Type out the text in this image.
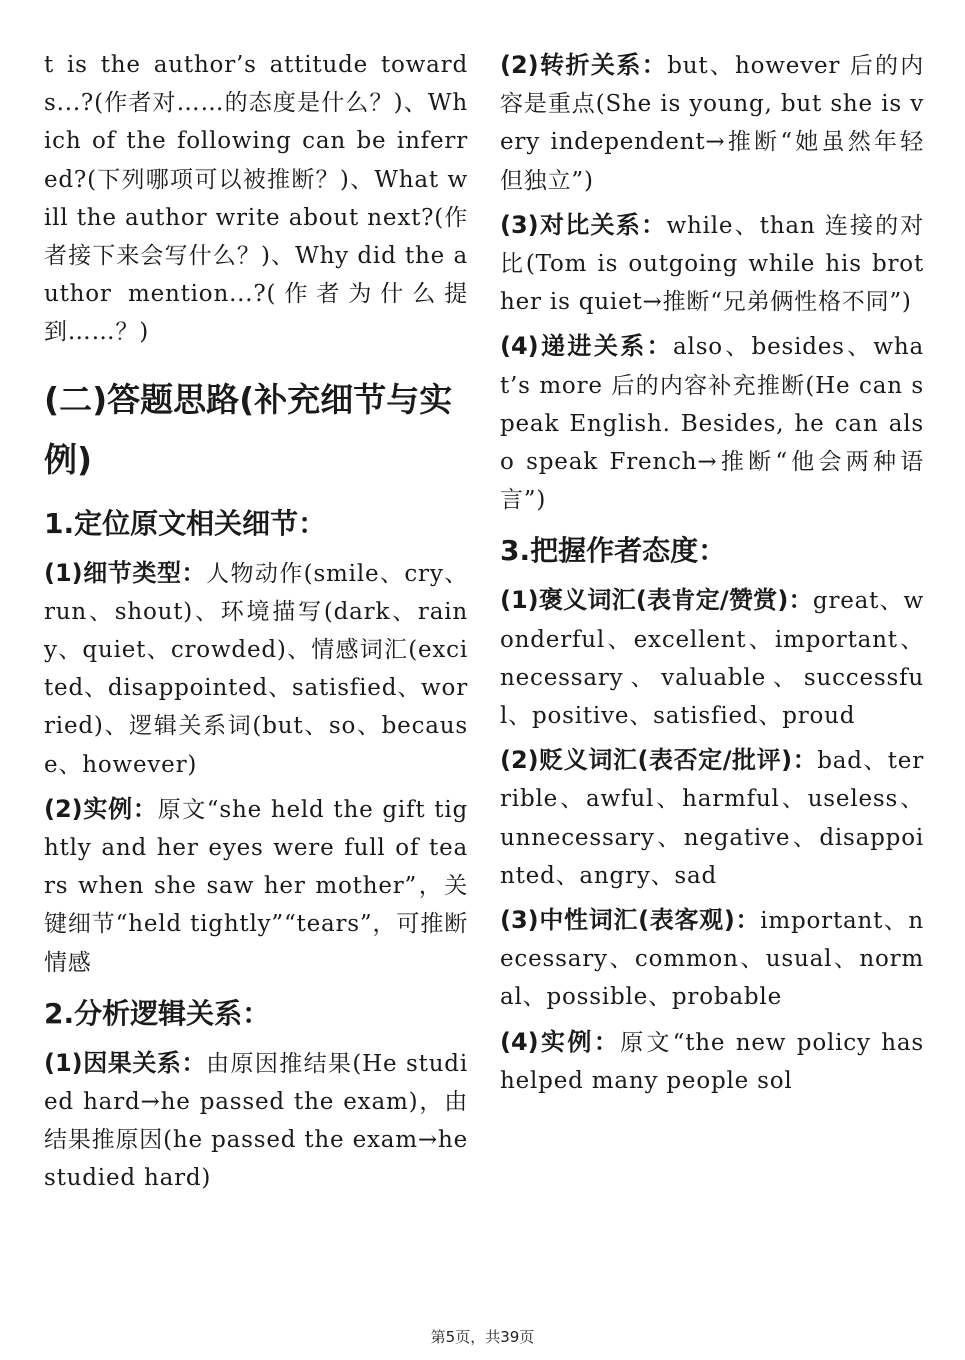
t is the author’s attitude towards...?(作者对……的态度是什么？)、Which of the following can be inferred?(下列哪项可以被推断？)、What will the author write about next?(作者接下来会写什么？)、Why did the author mention...?(作者为什么提到……？)

(二)答题思路(补充细节与实例)
1.定位原文相关细节：

(1)细节类型：人物动作(smile、cry、run、shout)、环境描写(dark、rainy、quiet、crowded)、情感词汇(excited、disappointed、satisfied、worried)、逻辑关系词(but、so、because、however)

(2)实例：原文“she held the gift tightly and her eyes were full of tears when she saw her mother”，关键细节“held tightly”“tears”，可推断情感

2.分析逻辑关系：

(1)因果关系：由原因推结果(He studied hard→he passed the exam)，由结果推原因(he passed the exam→he studied hard)

(2)转折关系：but、however 后的内容是重点(She is young, but she is very independent→推断“她虽然年轻但独立”)

(3)对比关系：while、than 连接的对比(Tom is outgoing while his brother is quiet→推断“兄弟俩性格不同”)

(4)递进关系：also、besides、what’s more 后的内容补充推断(He can speak English. Besides, he can also speak French→推断“他会两种语言”)

3.把握作者态度：

(1)褒义词汇(表肯定/赞赏)：great、wonderful、excellent、important、necessary、valuable、successful、positive、satisfied、proud

(2)贬义词汇(表否定/批评)：bad、terrible、awful、harmful、useless、unnecessary、negative、disappointed、angry、sad

(3)中性词汇(表客观)：important、necessary、common、usual、normal、possible、probable

(4)实例：原文“the new policy has helped many people sol

第5页，共39页
